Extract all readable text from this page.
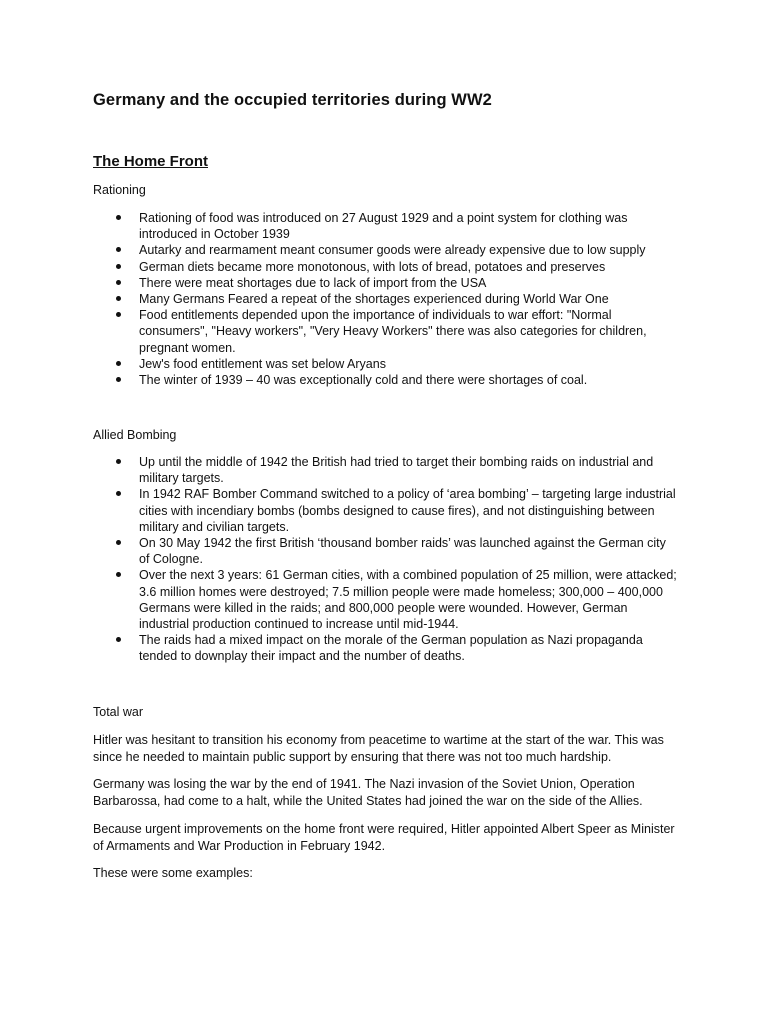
Germany and the occupied territories during WW2
The Home Front

Rationing

Rationing of food was introduced on 27 August 1929 and a point system for clothing was introduced in October 1939
Autarky and rearmament meant consumer goods were already expensive due to low supply
German diets became more monotonous, with lots of bread, potatoes and preserves
There were meat shortages due to lack of import from the USA
Many Germans Feared a repeat of the shortages experienced during World War One
Food entitlements depended upon the importance of individuals to war effort: "Normal consumers", "Heavy workers", "Very Heavy Workers" there was also categories for children, pregnant women.
Jew's food entitlement was set below Aryans
The winter of 1939 – 40 was exceptionally cold and there were shortages of coal.

Allied Bombing

Up until the middle of 1942 the British had tried to target their bombing raids on industrial and military targets.
In 1942 RAF Bomber Command switched to a policy of ‘area bombing’ – targeting large industrial cities with incendiary bombs (bombs designed to cause fires), and not distinguishing between military and civilian targets.
On 30 May 1942 the first British ‘thousand bomber raids’ was launched against the German city of Cologne.
Over the next 3 years: 61 German cities, with a combined population of 25 million, were attacked; 3.6 million homes were destroyed; 7.5 million people were made homeless; 300,000 – 400,000 Germans were killed in the raids; and 800,000 people were wounded. However, German industrial production continued to increase until mid-1944.
The raids had a mixed impact on the morale of the German population as Nazi propaganda tended to downplay their impact and the number of deaths.

Total war

Hitler was hesitant to transition his economy from peacetime to wartime at the start of the war. This was since he needed to maintain public support by ensuring that there was not too much hardship.

Germany was losing the war by the end of 1941. The Nazi invasion of the Soviet Union, Operation Barbarossa, had come to a halt, while the United States had joined the war on the side of the Allies.

Because urgent improvements on the home front were required, Hitler appointed Albert Speer as Minister of Armaments and War Production in February 1942.

These were some examples:
